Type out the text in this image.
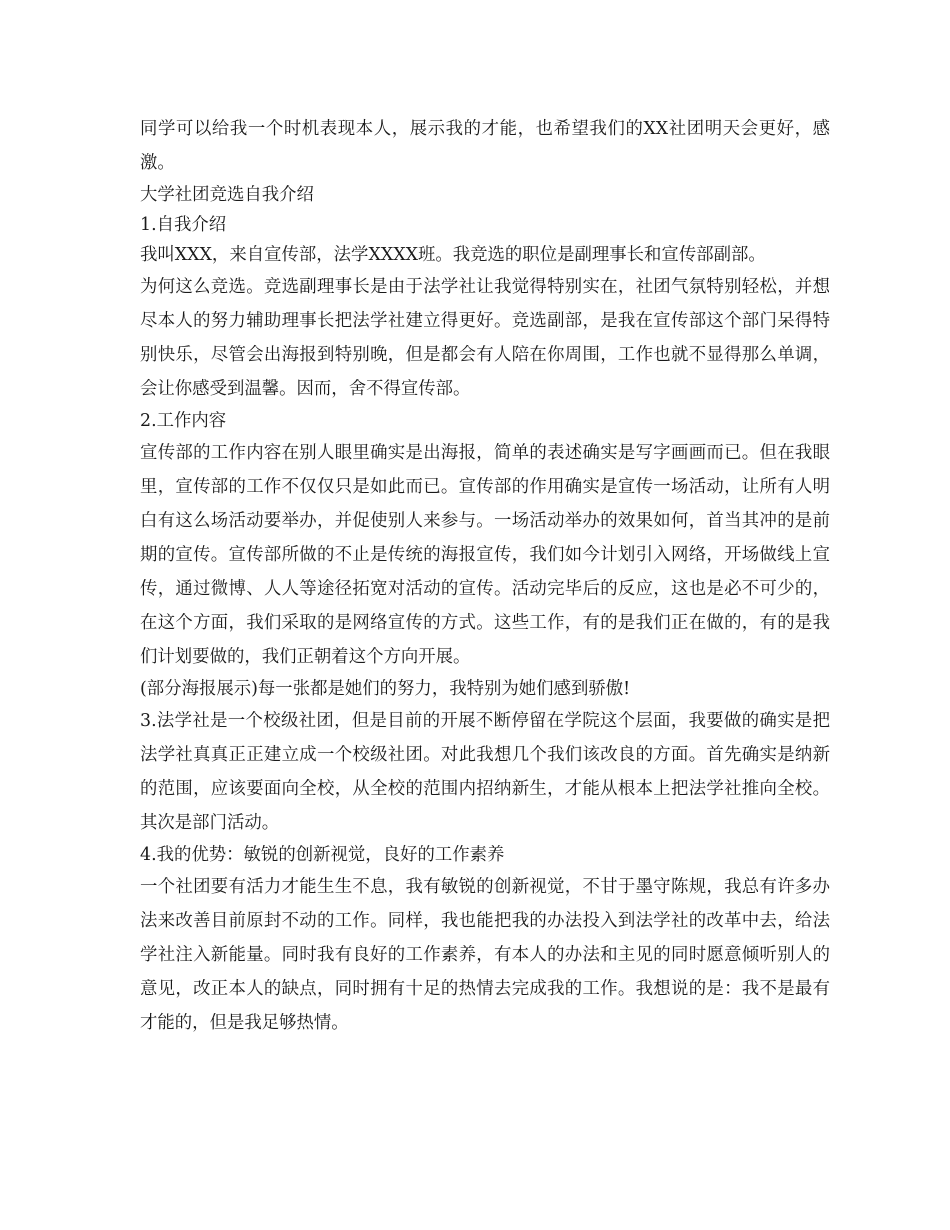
同学可以给我一个时机表现本人，展示我的才能，也希望我们的XX社团明天会更好，感激。

大学社团竞选自我介绍

1.自我介绍

我叫XXX，来自宣传部，法学XXXX班。我竞选的职位是副理事长和宣传部副部。

为何这么竞选。竞选副理事长是由于法学社让我觉得特别实在，社团气氛特别轻松，并想尽本人的努力辅助理事长把法学社建立得更好。竞选副部，是我在宣传部这个部门呆得特别快乐，尽管会出海报到特别晚，但是都会有人陪在你周围，工作也就不显得那么单调，会让你感受到温馨。因而，舍不得宣传部。

2.工作内容

宣传部的工作内容在别人眼里确实是出海报，简单的表述确实是写字画画而已。但在我眼里，宣传部的工作不仅仅只是如此而已。宣传部的作用确实是宣传一场活动，让所有人明白有这么场活动要举办，并促使别人来参与。一场活动举办的效果如何，首当其冲的是前期的宣传。宣传部所做的不止是传统的海报宣传，我们如今计划引入网络，开场做线上宣传，通过微博、人人等途径拓宽对活动的宣传。活动完毕后的反应，这也是必不可少的，在这个方面，我们采取的是网络宣传的方式。这些工作，有的是我们正在做的，有的是我们计划要做的，我们正朝着这个方向开展。

(部分海报展示)每一张都是她们的努力，我特别为她们感到骄傲!

3.法学社是一个校级社团，但是目前的开展不断停留在学院这个层面，我要做的确实是把法学社真真正正建立成一个校级社团。对此我想几个我们该改良的方面。首先确实是纳新的范围，应该要面向全校，从全校的范围内招纳新生，才能从根本上把法学社推向全校。其次是部门活动。

4.我的优势：敏锐的创新视觉，良好的工作素养

一个社团要有活力才能生生不息，我有敏锐的创新视觉，不甘于墨守陈规，我总有许多办法来改善目前原封不动的工作。同样，我也能把我的办法投入到法学社的改革中去，给法学社注入新能量。同时我有良好的工作素养，有本人的办法和主见的同时愿意倾听别人的意见，改正本人的缺点，同时拥有十足的热情去完成我的工作。我想说的是：我不是最有才能的，但是我足够热情。
